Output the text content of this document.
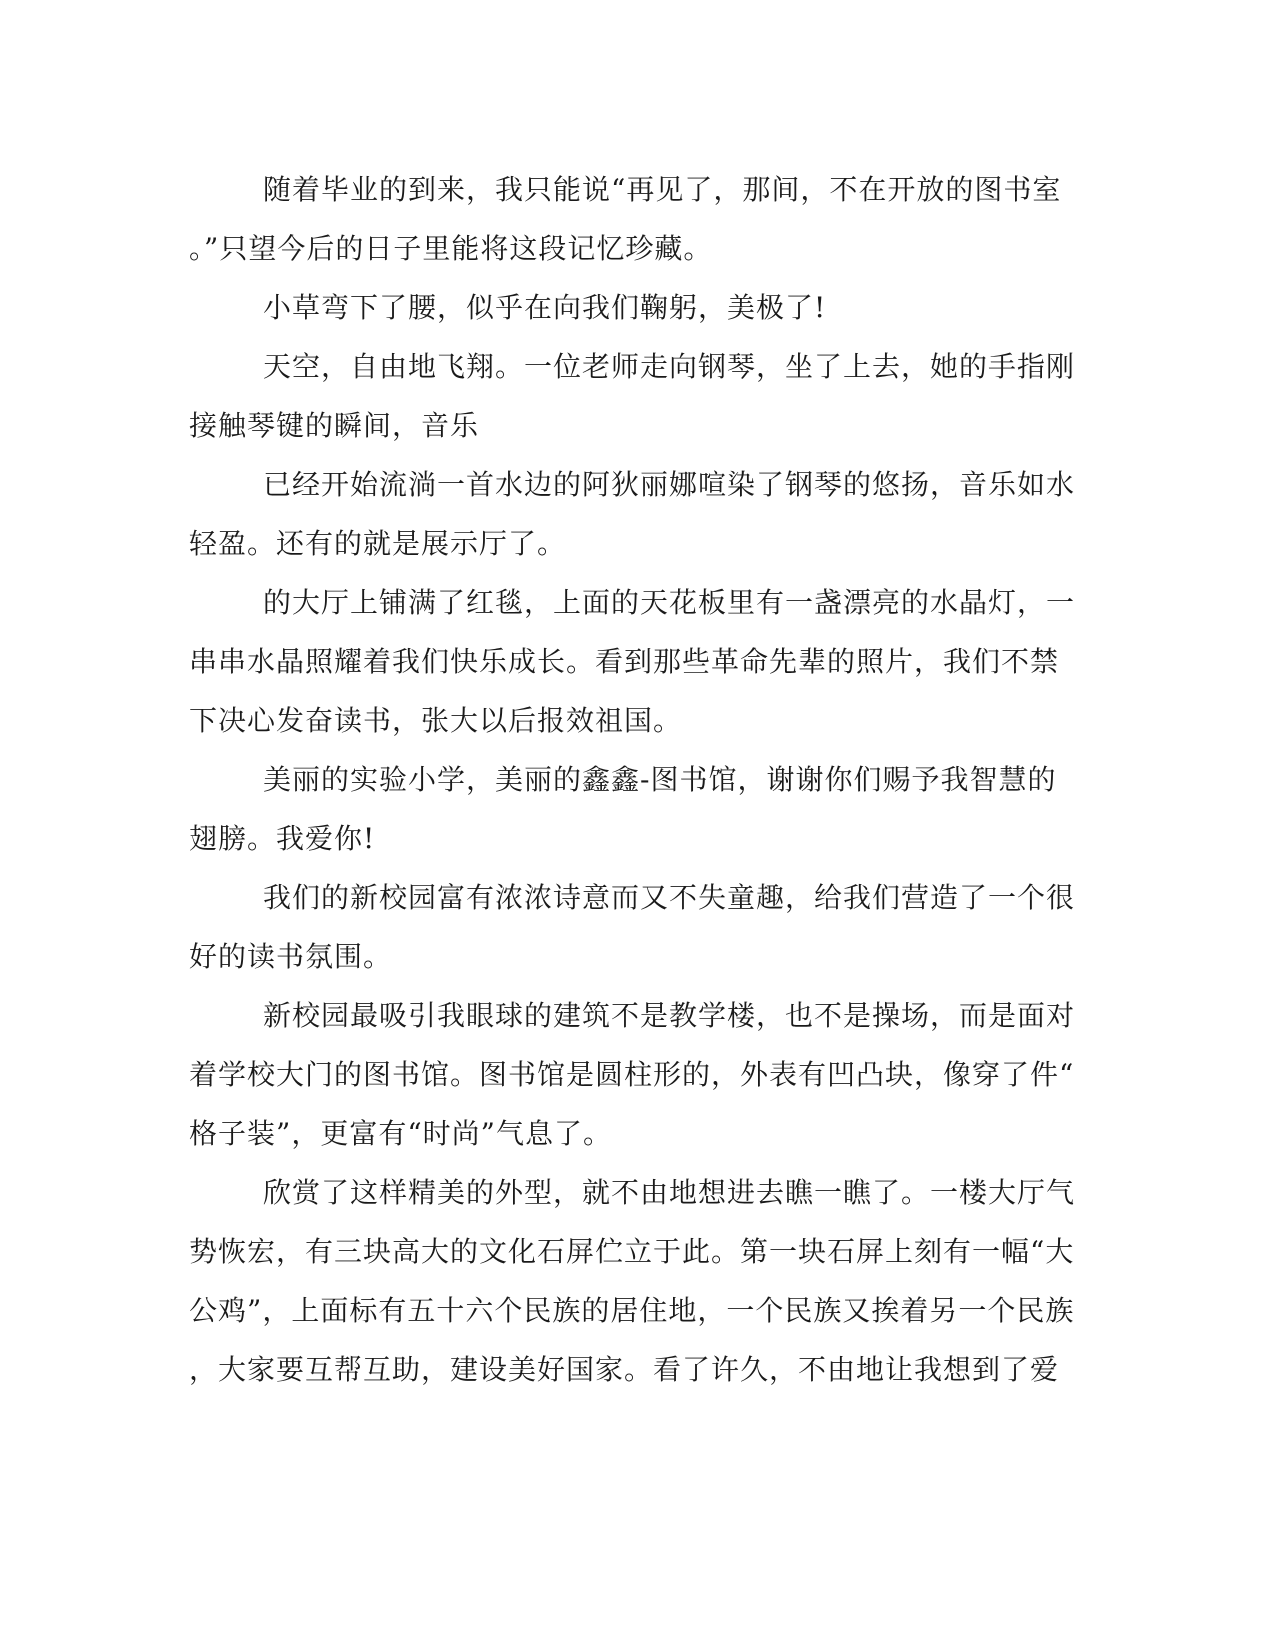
随着毕业的到来，我只能说“再见了，那间，不在开放的图书室
。”只望今后的日子里能将这段记忆珍藏。
小草弯下了腰，似乎在向我们鞠躬，美极了!
天空，自由地飞翔。一位老师走向钢琴，坐了上去，她的手指刚
接触琴键的瞬间，音乐
已经开始流淌一首水边的阿狄丽娜喧染了钢琴的悠扬，音乐如水
轻盈。还有的就是展示厅了。
的大厅上铺满了红毯，上面的天花板里有一盏漂亮的水晶灯，一
串串水晶照耀着我们快乐成长。看到那些革命先辈的照片，我们不禁
下决心发奋读书，张大以后报效祖国。
美丽的实验小学，美丽的鑫鑫-图书馆，谢谢你们赐予我智慧的
翅膀。我爱你!
我们的新校园富有浓浓诗意而又不失童趣，给我们营造了一个很
好的读书氛围。
新校园最吸引我眼球的建筑不是教学楼，也不是操场，而是面对
着学校大门的图书馆。图书馆是圆柱形的，外表有凹凸块，像穿了件“
格子装”，更富有“时尚”气息了。
欣赏了这样精美的外型，就不由地想进去瞧一瞧了。一楼大厅气
势恢宏，有三块高大的文化石屏伫立于此。第一块石屏上刻有一幅“大
公鸡”，上面标有五十六个民族的居住地，一个民族又挨着另一个民族
，大家要互帮互助，建设美好国家。看了许久，不由地让我想到了爱
